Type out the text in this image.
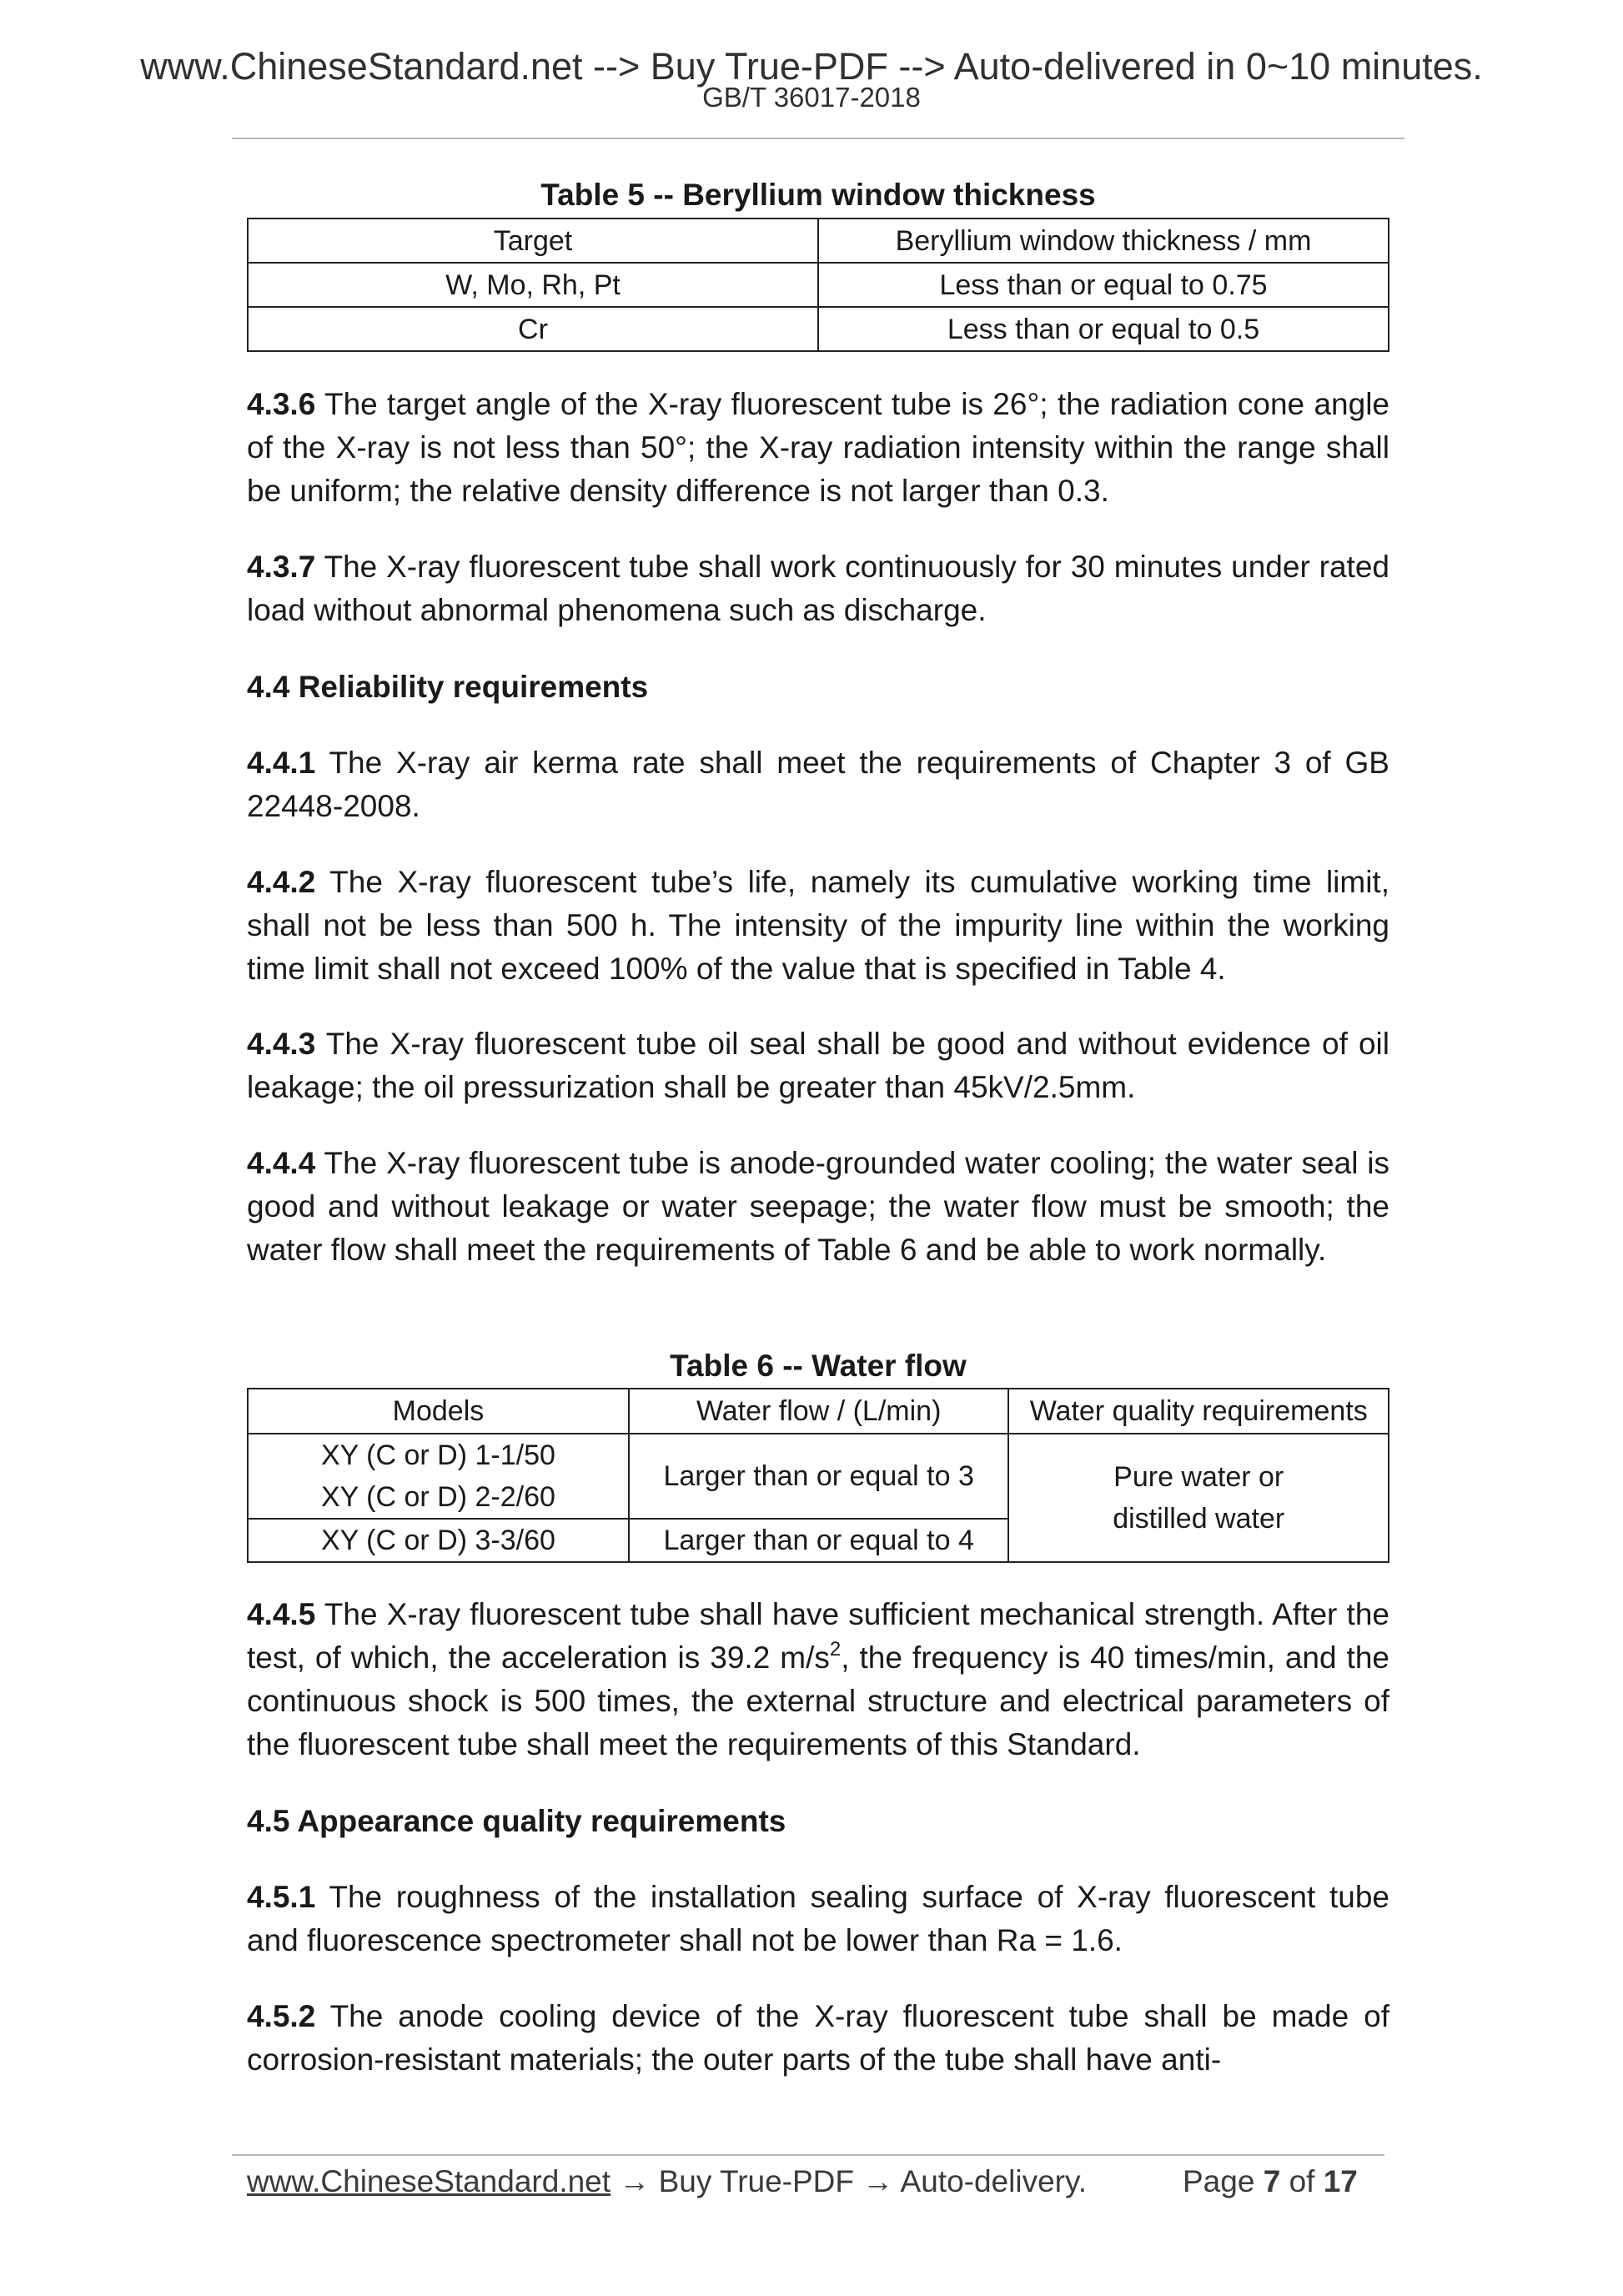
www.ChineseStandard.net --> Buy True-PDF --> Auto-delivered in 0~10 minutes.
GB/T 36017-2018
Table 5 -- Beryllium window thickness
Target	Beryllium window thickness / mm
W, Mo, Rh, Pt	Less than or equal to 0.75
Cr	Less than or equal to 0.5

4.3.6 The target angle of the X-ray fluorescent tube is 26°; the radiation cone angle of the X-ray is not less than 50°; the X-ray radiation intensity within the range shall be uniform; the relative density difference is not larger than 0.3.

4.3.7 The X-ray fluorescent tube shall work continuously for 30 minutes under rated load without abnormal phenomena such as discharge.

4.4 Reliability requirements

4.4.1 The X-ray air kerma rate shall meet the requirements of Chapter 3 of GB 22448-2008.

4.4.2 The X-ray fluorescent tube’s life, namely its cumulative working time limit, shall not be less than 500 h. The intensity of the impurity line within the working time limit shall not exceed 100% of the value that is specified in Table 4.

4.4.3 The X-ray fluorescent tube oil seal shall be good and without evidence of oil leakage; the oil pressurization shall be greater than 45kV/2.5mm.

4.4.4 The X-ray fluorescent tube is anode-grounded water cooling; the water seal is good and without leakage or water seepage; the water flow must be smooth; the water flow shall meet the requirements of Table 6 and be able to work normally.

Table 6 -- Water flow
Models	Water flow / (L/min)	Water quality requirements

XY (C or D) 1-1/50
XY (C or D) 2-2/60	Larger than or equal to 3	Pure water or
distilled water

XY (C or D) 3-3/60	Larger than or equal to 4	

4.4.5 The X-ray fluorescent tube shall have sufficient mechanical strength. After the test, of which, the acceleration is 39.2 $m/s^2$, the frequency is 40 times/min, and the continuous shock is 500 times, the external structure and electrical parameters of the fluorescent tube shall meet the requirements of this Standard.

4.5 Appearance quality requirements

4.5.1 The roughness of the installation sealing surface of X-ray fluorescent tube and fluorescence spectrometer shall not be lower than Ra = 1.6.

4.5.2 The anode cooling device of the X-ray fluorescent tube shall be made of corrosion-resistant materials; the outer parts of the tube shall have anti-

www.ChineseStandard.net → Buy True-PDF → Auto-delivery.	Page 7 of 17
